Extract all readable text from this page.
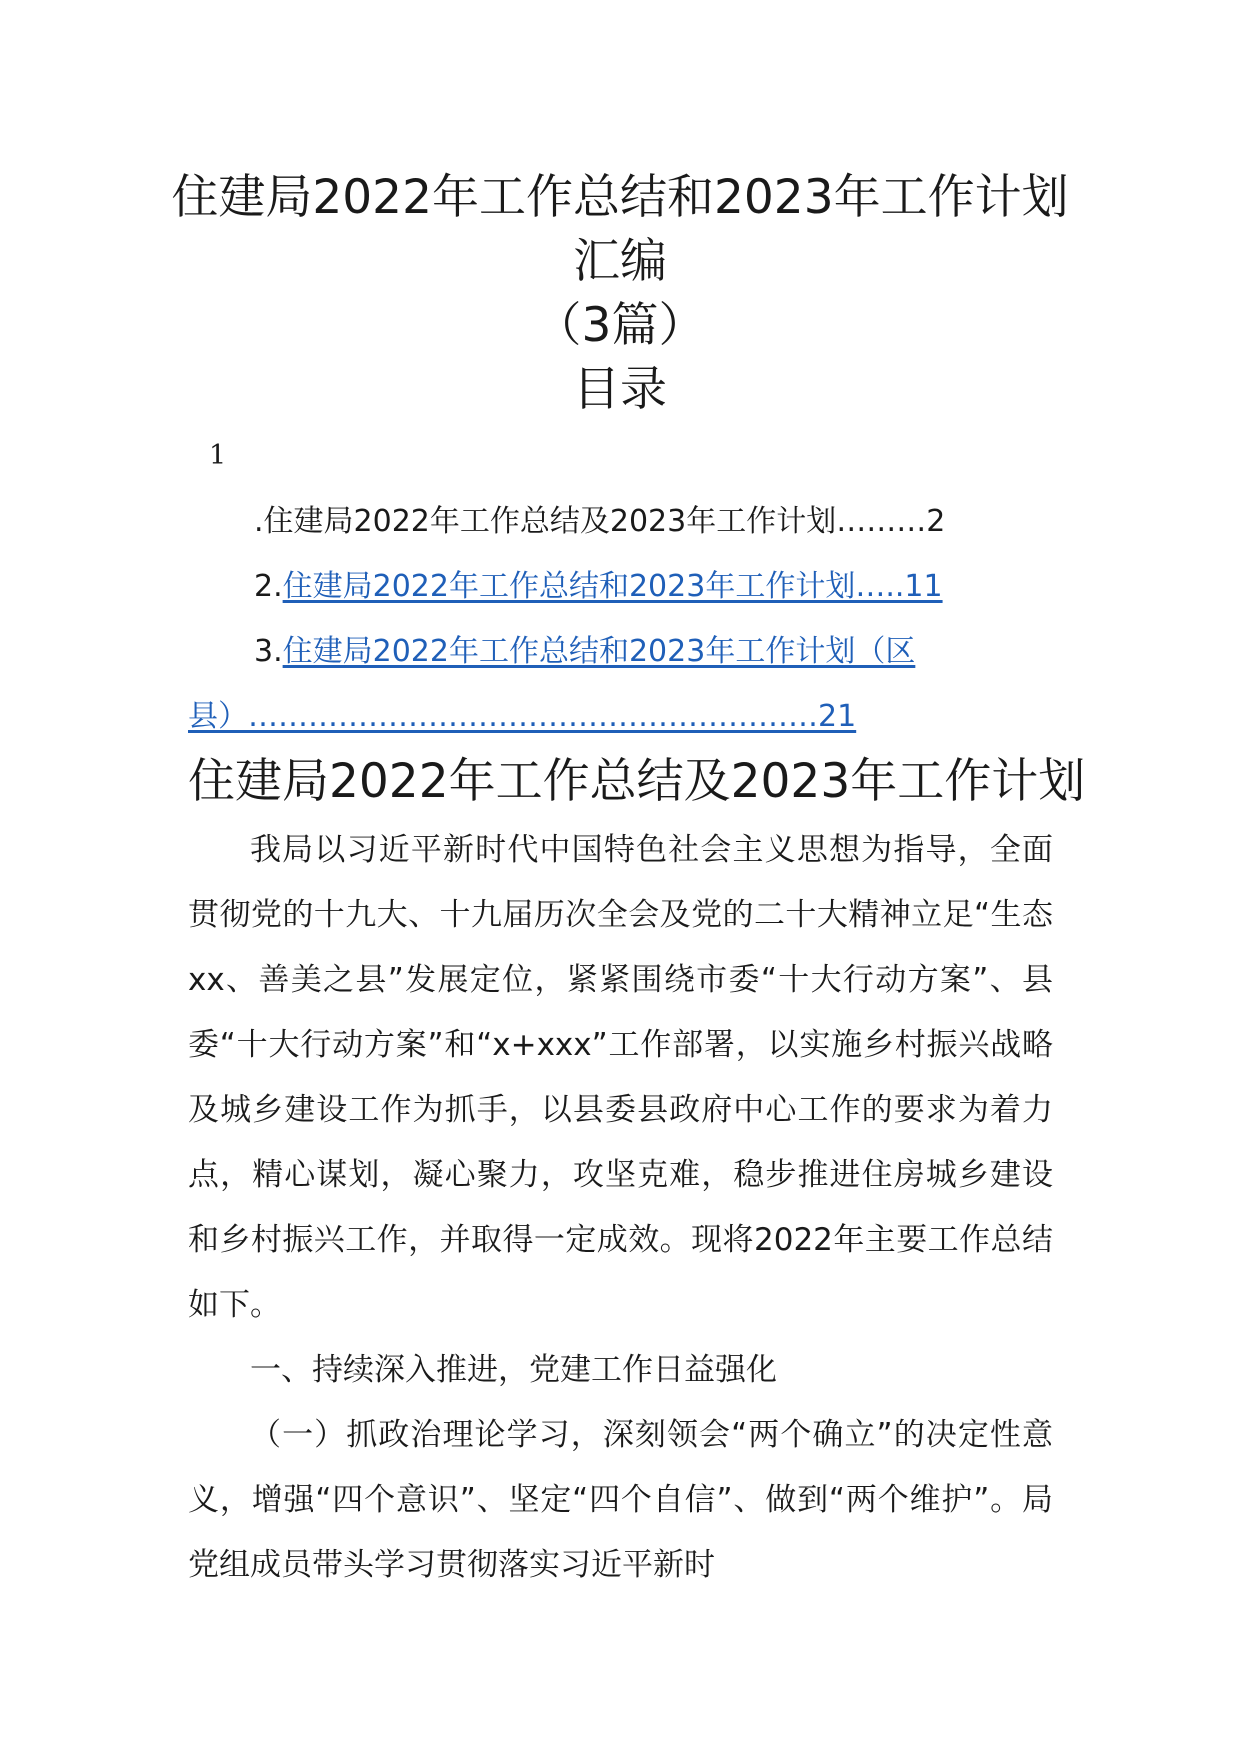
住建局2022年工作总结和2023年工作计划
汇编
（3篇）
目录
1
.住建局2022年工作总结及2023年工作计划………2
2.住建局2022年工作总结和2023年工作计划…..11
3.住建局2022年工作总结和2023年工作计划（区
县）…………………………………………………21
住建局2022年工作总结及2023年工作计划
我局以习近平新时代中国特色社会主义思想为指导，全面贯彻党的十九大、十九届历次全会及党的二十大精神立足“生态xx、善美之县”发展定位，紧紧围绕市委“十大行动方案”、县委“十大行动方案”和“x+xxx”工作部署，以实施乡村振兴战略及城乡建设工作为抓手，以县委县政府中心工作的要求为着力点，精心谋划，凝心聚力，攻坚克难，稳步推进住房城乡建设和乡村振兴工作，并取得一定成效。现将2022年主要工作总结如下。
一、持续深入推进，党建工作日益强化
（一）抓政治理论学习，深刻领会“两个确立”的决定性意义，增强“四个意识”、坚定“四个自信”、做到“两个维护”。局党组成员带头学习贯彻落实习近平新时
